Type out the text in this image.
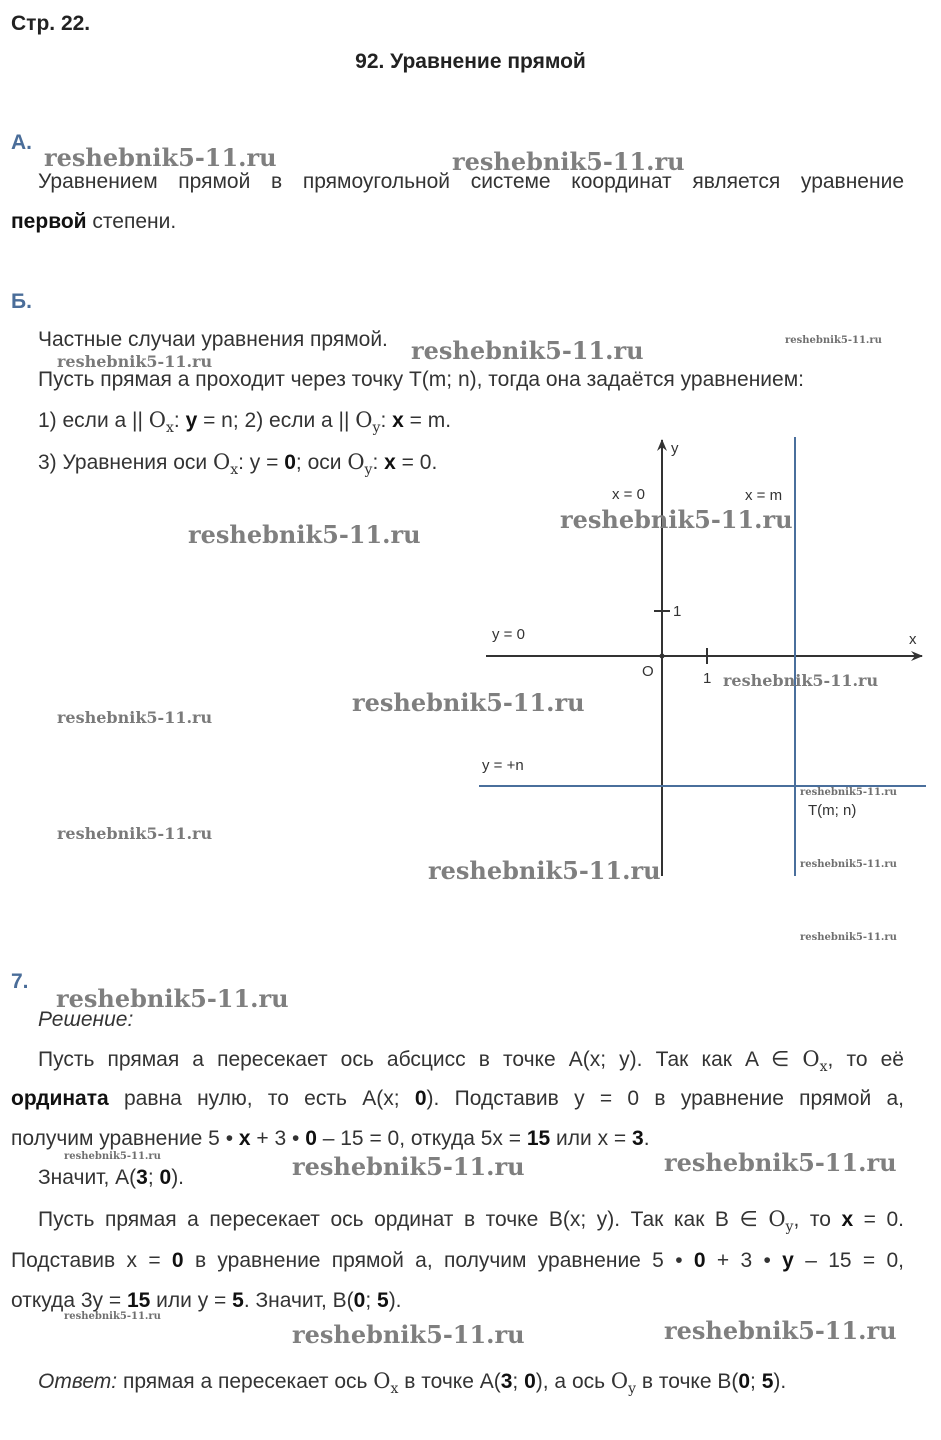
Стр. 22.
92. Уравнение прямой
А.
Уравнением прямой в прямоугольной системе координат является уравнение
первой степени.
Б.
Частные случаи уравнения прямой.
Пусть прямая a проходит через точку T(m; n), тогда она задаётся уравнением:
1) если a || $O_x$: y = n; 2) если a || $O_y$: x = m.
3) Уравнения оси $O_x$: y = 0; оси $O_y$: x = 0.
y
x
O	1
1
x = 0	x = m
y = 0
y = +n
T(m; n)
7.
Решение:
Пусть прямая a пересекает ось абсцисс в точке A(x; y). Так как A ∈ $O_x$, то её
ордината равна нулю, то есть A(x; 0). Подставив y = 0 в уравнение прямой a,
получим уравнение 5 • x + 3 • 0 – 15 = 0, откуда 5x = 15 или x = 3.
Значит, A(3; 0).
Пусть прямая a пересекает ось ординат в точке B(x; y). Так как B ∈ $O_y$, то x = 0.
Подставив x = 0 в уравнение прямой a, получим уравнение 5 • 0 + 3 • y – 15 = 0,
откуда 3y = 15 или y = 5. Значит, B(0; 5).
Ответ: прямая a пересекает ось $O_x$ в точке A(3; 0), а ось $O_y$ в точке B(0; 5).
reshebnik5-11.ru	reshebnik5-11.ru
reshebnik5-11.ru	reshebnik5-11.ru	reshebnik5-11.ru
reshebnik5-11.ru
reshebnik5-11.ru
reshebnik5-11.ru
reshebnik5-11.ru
reshebnik5-11.ru
reshebnik5-11.ru
reshebnik5-11.ru
reshebnik5-11.ru	reshebnik5-11.ru
reshebnik5-11.ru
reshebnik5-11.ru
reshebnik5-11.ru	reshebnik5-11.ru	reshebnik5-11.ru
reshebnik5-11.ru
reshebnik5-11.ru	reshebnik5-11.ru
